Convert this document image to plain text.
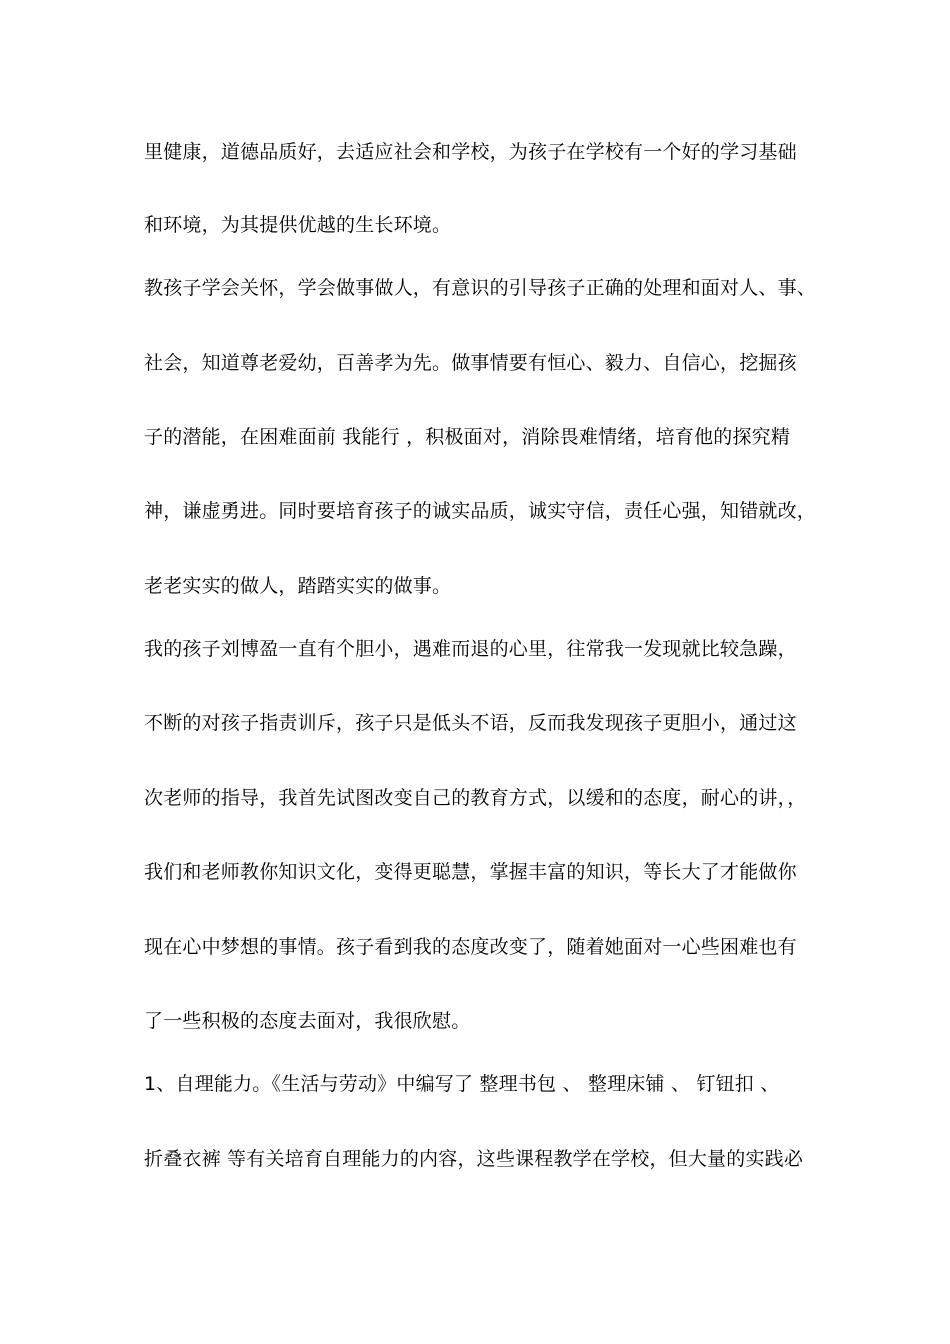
里健康，道德品质好，去适应社会和学校，为孩子在学校有一个好的学习基础
和环境，为其提供优越的生长环境。
教孩子学会关怀，学会做事做人，有意识的引导孩子正确的处理和面对人、事、
社会，知道尊老爱幼，百善孝为先。做事情要有恒心、毅力、自信心，挖掘孩
子的潜能，在困难面前 我能行 ，积极面对，消除畏难情绪，培育他的探究精
神，谦虚勇进。同时要培育孩子的诚实品质，诚实守信，责任心强，知错就改，
老老实实的做人，踏踏实实的做事。
我的孩子刘博盈一直有个胆小，遇难而退的心里，往常我一发现就比较急躁，
不断的对孩子指责训斥，孩子只是低头不语，反而我发现孩子更胆小，通过这
次老师的指导，我首先试图改变自己的教育方式，以缓和的态度，耐心的讲，，
我们和老师教你知识文化，变得更聪慧，掌握丰富的知识，等长大了才能做你
现在心中梦想的事情。孩子看到我的态度改变了，随着她面对一心些困难也有
了一些积极的态度去面对，我很欣慰。
1、自理能力。《生活与劳动》中编写了 整理书包 、 整理床铺 、 钉钮扣 、
折叠衣裤 等有关培育自理能力的内容，这些课程教学在学校，但大量的实践必
